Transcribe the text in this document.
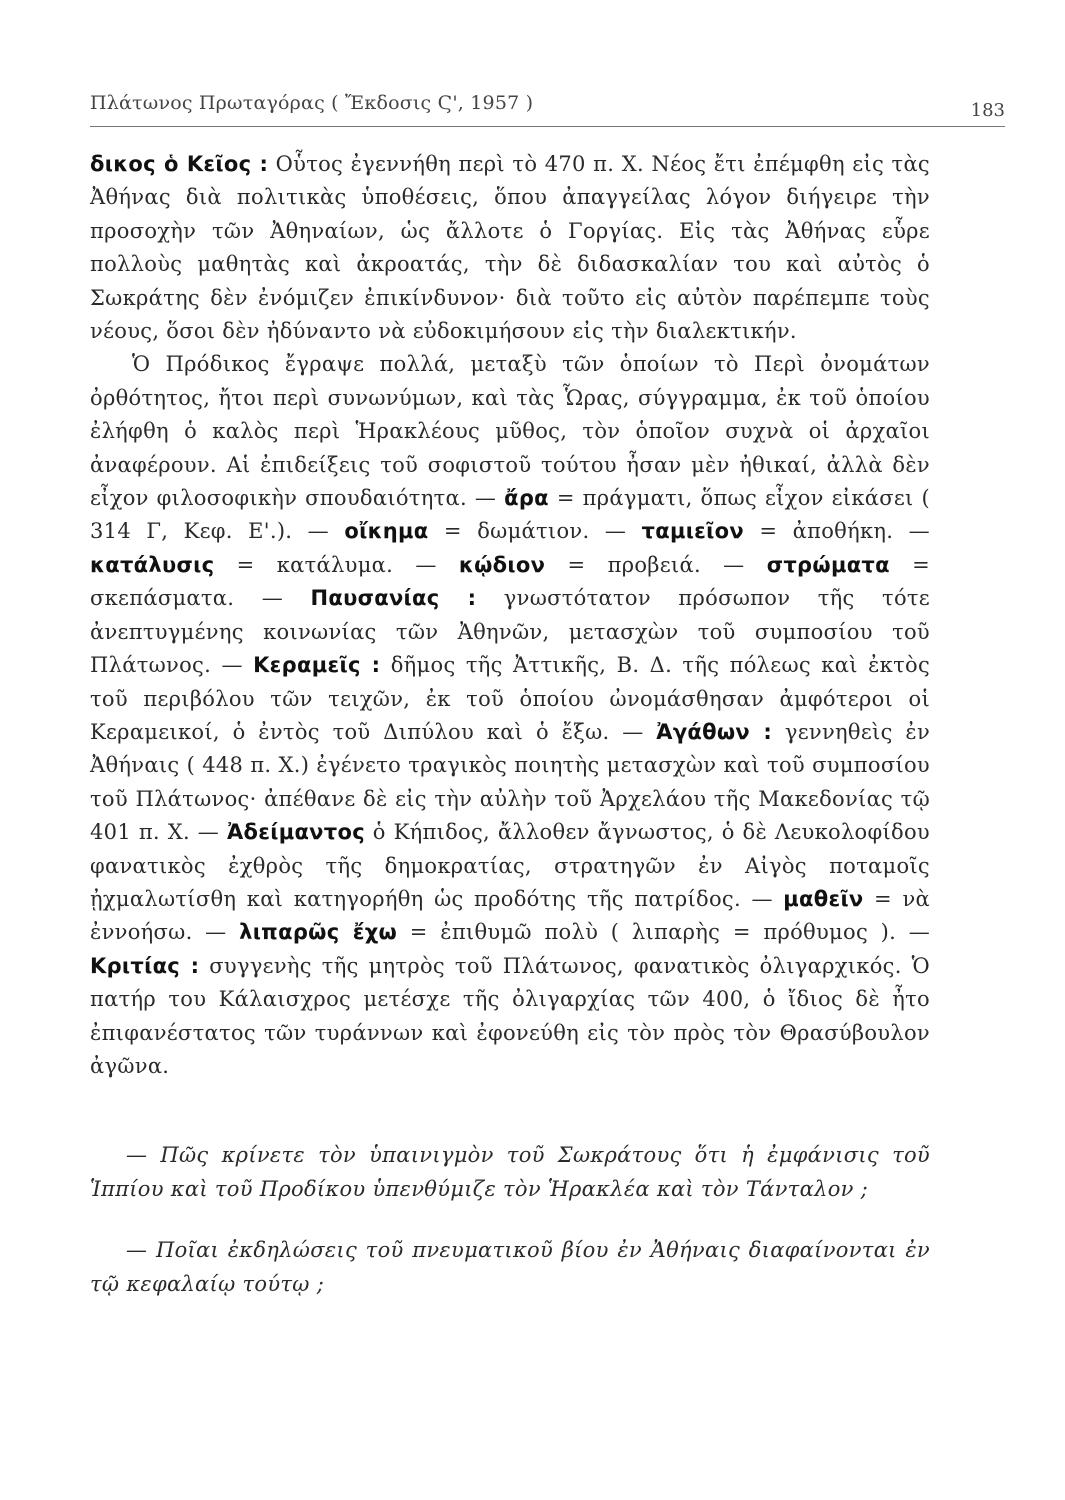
Πλάτωνος Πρωταγόρας ( Ἔκδοσις Ϛ', 1957 )	183

δικος ὁ Κεῖος : Οὗτος ἐγεννήθη περὶ τὸ 470 π. Χ. Νέος ἔτι ἐπέμφθη εἰς τὰς Ἀθήνας διὰ πολιτικὰς ὑποθέσεις, ὅπου ἀπαγγείλας λόγον διήγειρε τὴν προσοχὴν τῶν Ἀθηναίων, ὡς ἄλλοτε ὁ Γοργίας. Εἰς τὰς Ἀθήνας εὗρε πολλοὺς μαθητὰς καὶ ἀκροατάς, τὴν δὲ διδασκαλίαν του καὶ αὐτὸς ὁ Σωκράτης δὲν ἐνόμιζεν ἐπικίνδυνον· διὰ τοῦτο εἰς αὐτὸν παρέπεμπε τοὺς νέους, ὅσοι δὲν ἠδύναντο νὰ εὐδοκιμήσουν εἰς τὴν διαλεκτικήν.

Ὁ Πρόδικος ἔγραψε πολλά, μεταξὺ τῶν ὁποίων τὸ Περὶ ὀνομάτων ὀρθότητος, ἤτοι περὶ συνωνύμων, καὶ τὰς Ὧρας, σύγγραμμα, ἐκ τοῦ ὁποίου ἐλήφθη ὁ καλὸς περὶ Ἡρακλέους μῦθος, τὸν ὁποῖον συχνὰ οἱ ἀρχαῖοι ἀναφέρουν. Αἱ ἐπιδείξεις τοῦ σοφιστοῦ τούτου ἦσαν μὲν ἠθικαί, ἀλλὰ δὲν εἶχον φιλοσοφικὴν σπουδαιότητα. — ἄρα = πράγματι, ὅπως εἶχον εἰκάσει ( 314 Γ, Κεφ. Ε'.). — οἴκημα = δωμάτιον. — ταμιεῖον = ἀποθήκη. — κατάλυσις = κατάλυμα. — κῴδιον = προβειά. — στρώματα = σκεπάσματα. — Παυσανίας : γνωστότατον πρόσωπον τῆς τότε ἀνεπτυγμένης κοινωνίας τῶν Ἀθηνῶν, μετασχὼν τοῦ συμποσίου τοῦ Πλάτωνος. — Κεραμεῖς : δῆμος τῆς Ἀττικῆς, Β. Δ. τῆς πόλεως καὶ ἐκτὸς τοῦ περιβόλου τῶν τειχῶν, ἐκ τοῦ ὁποίου ὠνομάσθησαν ἀμφότεροι οἱ Κεραμεικοί, ὁ ἐντὸς τοῦ Διπύλου καὶ ὁ ἔξω. — Ἀγάθων : γεννηθεὶς ἐν Ἀθήναις ( 448 π. Χ.) ἐγένετο τραγικὸς ποιητὴς μετασχὼν καὶ τοῦ συμποσίου τοῦ Πλάτωνος· ἀπέθανε δὲ εἰς τὴν αὐλὴν τοῦ Ἀρχελάου τῆς Μακεδονίας τῷ 401 π. Χ. — Ἀδείμαντος ὁ Κήπιδος, ἄλλοθεν ἄγνωστος, ὁ δὲ Λευκολοφίδου φανατικὸς ἐχθρὸς τῆς δημοκρατίας, στρατηγῶν ἐν Αἰγὸς ποταμοῖς ᾐχμαλωτίσθη καὶ κατηγορήθη ὡς προδότης τῆς πατρίδος. — μαθεῖν = νὰ ἐννοήσω. — λιπαρῶς ἔχω = ἐπιθυμῶ πολὺ ( λιπαρὴς = πρόθυμος ). — Κριτίας : συγγενὴς τῆς μητρὸς τοῦ Πλάτωνος, φανατικὸς ὀλιγαρχικός. Ὁ πατήρ του Κάλαισχρος μετέσχε τῆς ὀλιγαρχίας τῶν 400, ὁ ἴδιος δὲ ἦτο ἐπιφανέστατος τῶν τυράννων καὶ ἐφονεύθη εἰς τὸν πρὸς τὸν Θρασύβουλον ἀγῶνα.

— Πῶς κρίνετε τὸν ὑπαινιγμὸν τοῦ Σωκράτους ὅτι ἡ ἐμφάνισις τοῦ Ἱππίου καὶ τοῦ Προδίκου ὑπενθύμιζε τὸν Ἡρακλέα καὶ τὸν Τάνταλον ;

— Ποῖαι ἐκδηλώσεις τοῦ πνευματικοῦ βίου ἐν Ἀθήναις διαφαίνονται ἐν τῷ κεφαλαίῳ τούτῳ ;
